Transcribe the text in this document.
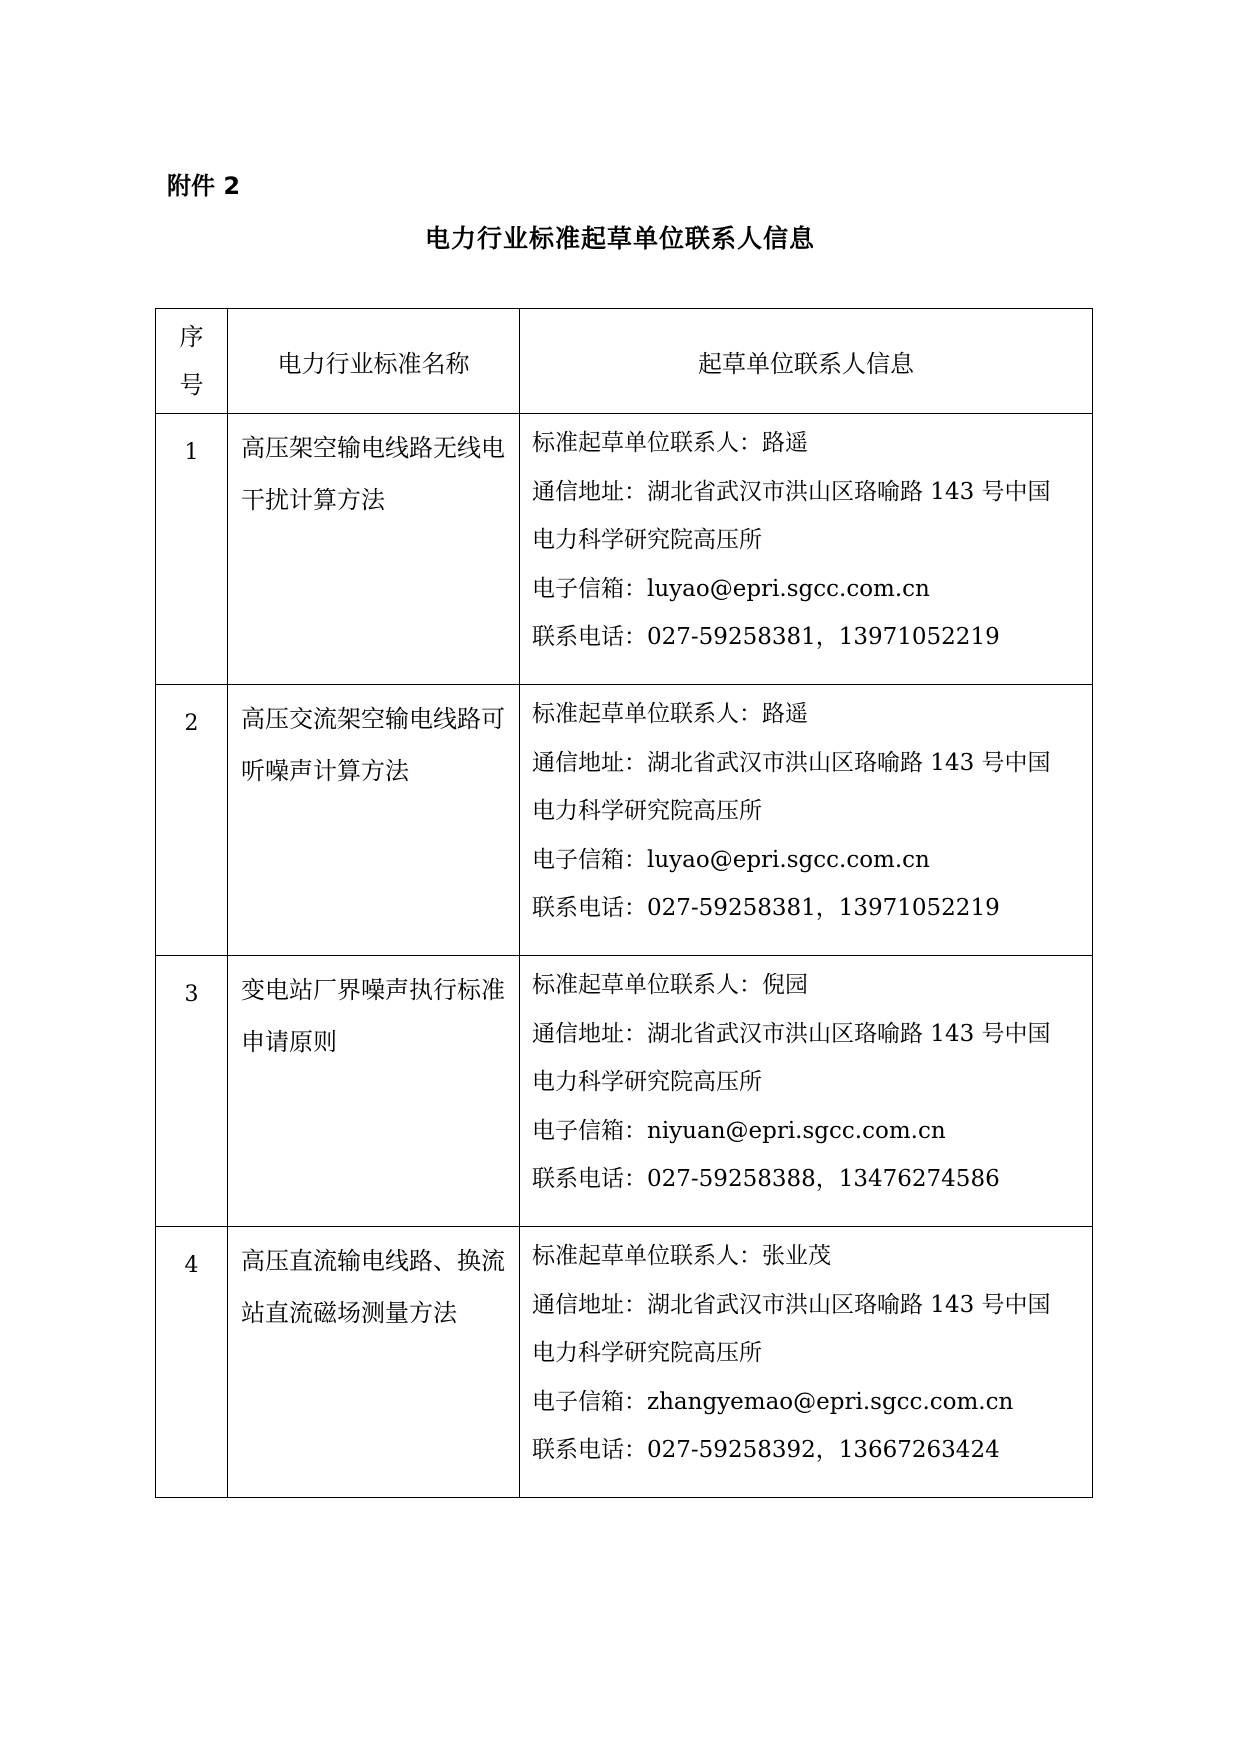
附件 2
电力行业标准起草单位联系人信息
序
号	电力行业标准名称	起草单位联系人信息
1	高压架空输电线路无线电干扰计算方法	标准起草单位联系人：路遥
通信地址：湖北省武汉市洪山区珞喻路 143 号中国
电力科学研究院高压所
电子信箱：luyao@epri.sgcc.com.cn
联系电话：027-59258381，13971052219

2	高压交流架空输电线路可听噪声计算方法	标准起草单位联系人：路遥
通信地址：湖北省武汉市洪山区珞喻路 143 号中国
电力科学研究院高压所
电子信箱：luyao@epri.sgcc.com.cn
联系电话：027-59258381，13971052219

3	变电站厂界噪声执行标准申请原则	标准起草单位联系人：倪园
通信地址：湖北省武汉市洪山区珞喻路 143 号中国
电力科学研究院高压所
电子信箱：niyuan@epri.sgcc.com.cn
联系电话：027-59258388，13476274586

4	高压直流输电线路、换流站直流磁场测量方法	标准起草单位联系人：张业茂
通信地址：湖北省武汉市洪山区珞喻路 143 号中国
电力科学研究院高压所
电子信箱：zhangyemao@epri.sgcc.com.cn
联系电话：027-59258392，13667263424
